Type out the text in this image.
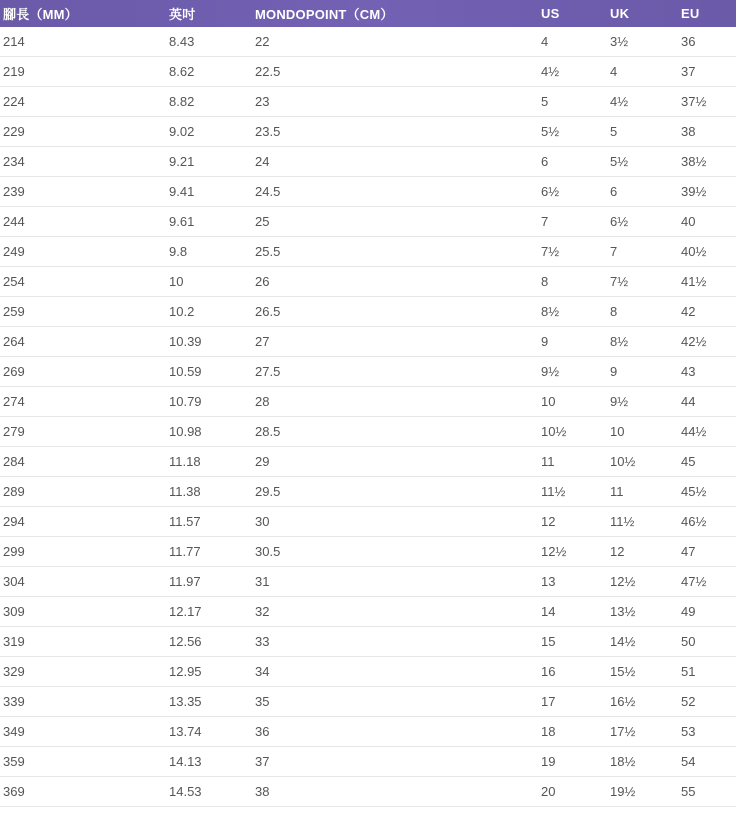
腳長（MM）	英吋	MONDOPOINT（CM）	US	UK	EU
214	8.43	22	4	3½	36
219	8.62	22.5	4½	4	37
224	8.82	23	5	4½	37½
229	9.02	23.5	5½	5	38
234	9.21	24	6	5½	38½
239	9.41	24.5	6½	6	39½
244	9.61	25	7	6½	40
249	9.8	25.5	7½	7	40½
254	10	26	8	7½	41½
259	10.2	26.5	8½	8	42
264	10.39	27	9	8½	42½
269	10.59	27.5	9½	9	43
274	10.79	28	10	9½	44
279	10.98	28.5	10½	10	44½
284	11.18	29	11	10½	45
289	11.38	29.5	11½	11	45½
294	11.57	30	12	11½	46½
299	11.77	30.5	12½	12	47
304	11.97	31	13	12½	47½
309	12.17	32	14	13½	49
319	12.56	33	15	14½	50
329	12.95	34	16	15½	51
339	13.35	35	17	16½	52
349	13.74	36	18	17½	53
359	14.13	37	19	18½	54
369	14.53	38	20	19½	55
